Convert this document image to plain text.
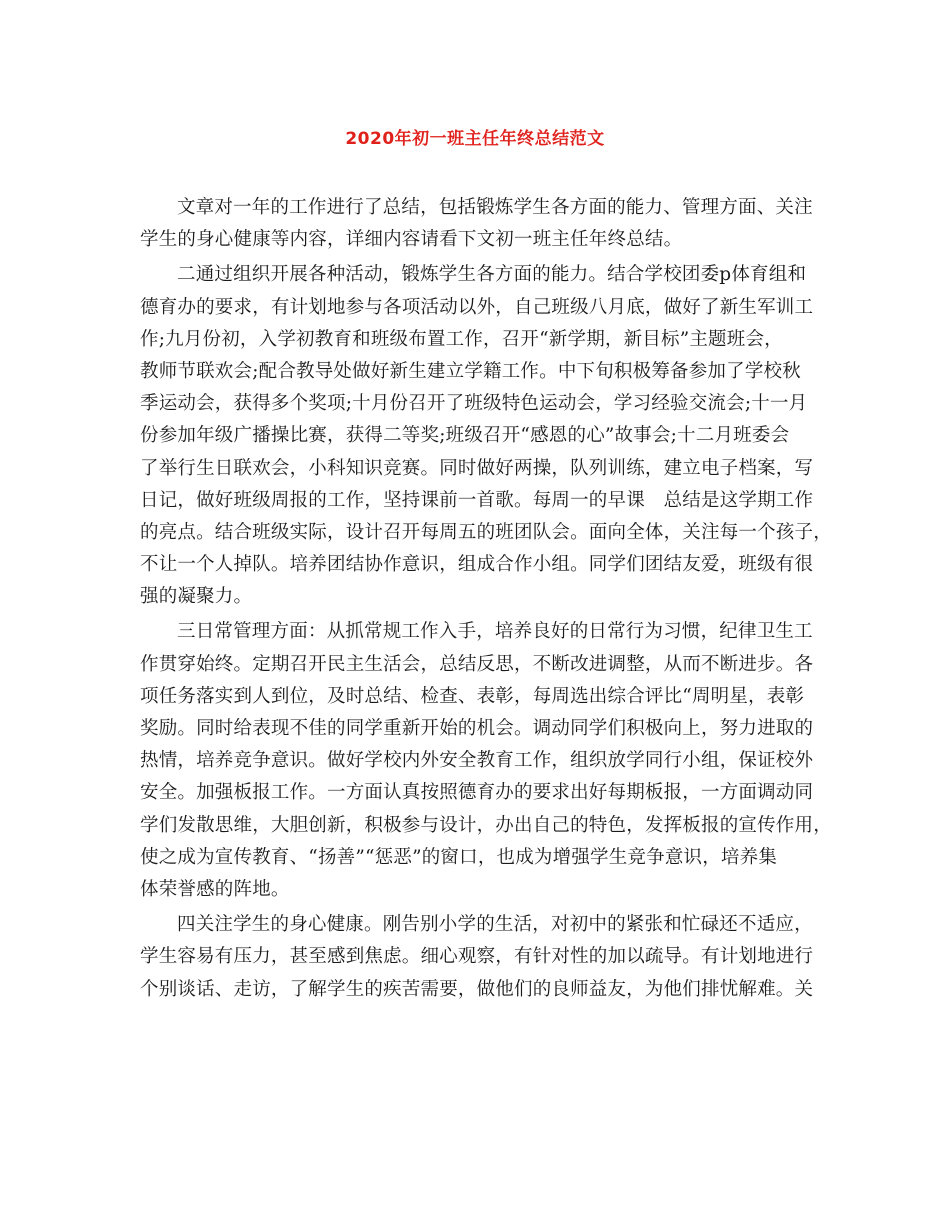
2020年初一班主任年终总结范文
文章对一年的工作进行了总结，包括锻炼学生各方面的能力、管理方面、关注
学生的身心健康等内容，详细内容请看下文初一班主任年终总结。
二通过组织开展各种活动，锻炼学生各方面的能力。结合学校团委p体育组和
德育办的要求，有计划地参与各项活动以外，自己班级八月底，做好了新生军训工
作;九月份初，入学初教育和班级布置工作，召开“新学期，新目标”主题班会，
教师节联欢会;配合教导处做好新生建立学籍工作。中下旬积极筹备参加了学校秋
季运动会，获得多个奖项;十月份召开了班级特色运动会，学习经验交流会;十一月
份参加年级广播操比赛，获得二等奖;班级召开“感恩的心”故事会;十二月班委会
了举行生日联欢会，小科知识竞赛。同时做好两操，队列训练，建立电子档案，写
日记，做好班级周报的工作，坚持课前一首歌。每周一的早课　总结是这学期工作
的亮点。结合班级实际，设计召开每周五的班团队会。面向全体，关注每一个孩子，
不让一个人掉队。培养团结协作意识，组成合作小组。同学们团结友爱，班级有很
强的凝聚力。
三日常管理方面：从抓常规工作入手，培养良好的日常行为习惯，纪律卫生工
作贯穿始终。定期召开民主生活会，总结反思，不断改进调整，从而不断进步。各
项任务落实到人到位，及时总结、检查、表彰，每周选出综合评比“周明星，表彰
奖励。同时给表现不佳的同学重新开始的机会。调动同学们积极向上，努力进取的
热情，培养竞争意识。做好学校内外安全教育工作，组织放学同行小组，保证校外
安全。加强板报工作。一方面认真按照德育办的要求出好每期板报，一方面调动同
学们发散思维，大胆创新，积极参与设计，办出自己的特色，发挥板报的宣传作用，
使之成为宣传教育、“扬善”“惩恶”的窗口，也成为增强学生竞争意识，培养集
体荣誉感的阵地。
四关注学生的身心健康。刚告别小学的生活，对初中的紧张和忙碌还不适应，
学生容易有压力，甚至感到焦虑。细心观察，有针对性的加以疏导。有计划地进行
个别谈话、走访，了解学生的疾苦需要，做他们的良师益友，为他们排忧解难。关
